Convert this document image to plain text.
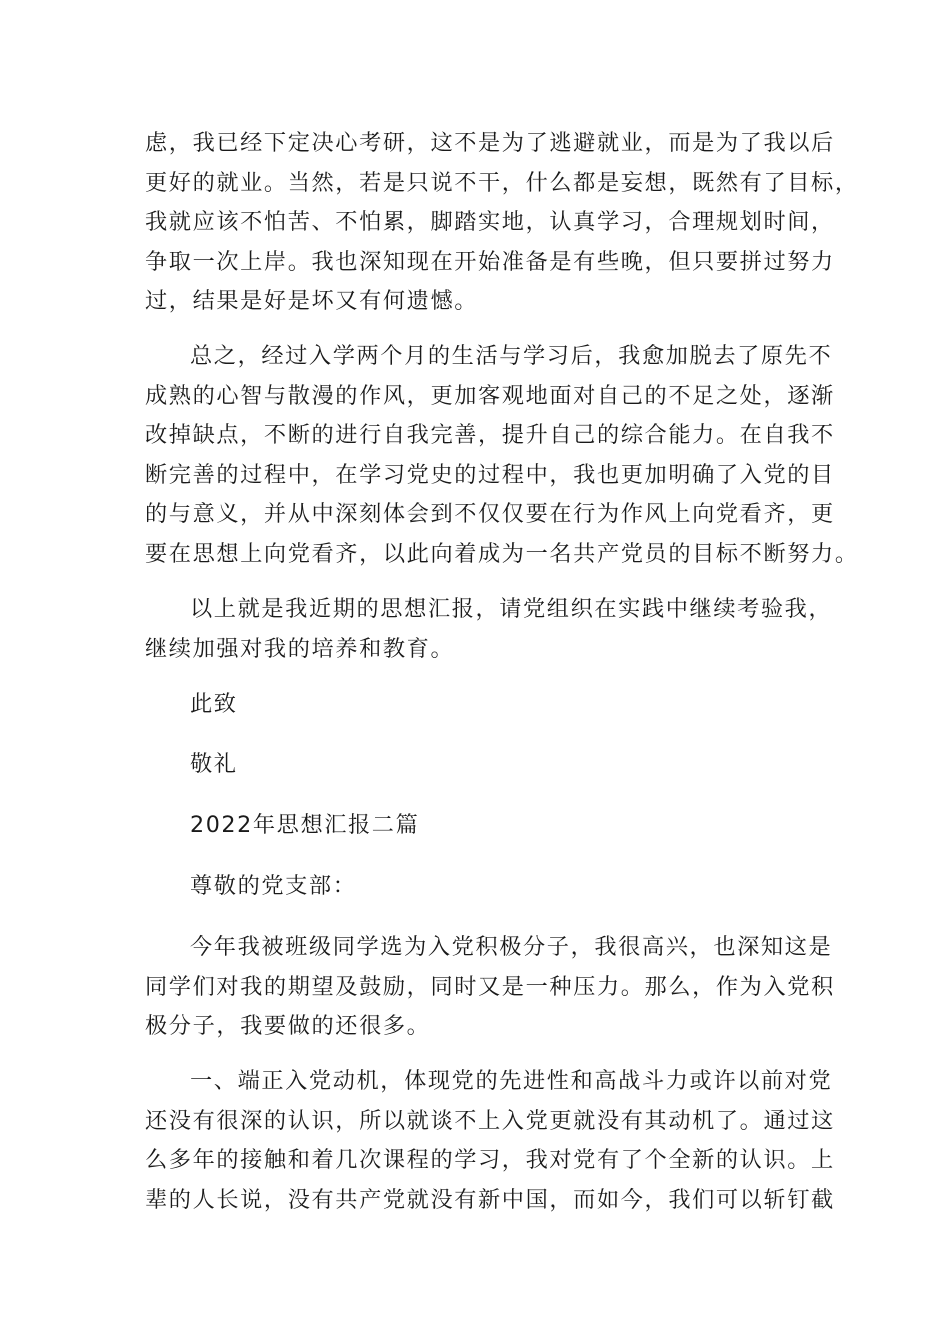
虑，我已经下定决心考研，这不是为了逃避就业，而是为了我以后
更好的就业。当然，若是只说不干，什么都是妄想，既然有了目标，
我就应该不怕苦、不怕累，脚踏实地，认真学习，合理规划时间，
争取一次上岸。我也深知现在开始准备是有些晚，但只要拼过努力
过，结果是好是坏又有何遗憾。
总之，经过入学两个月的生活与学习后，我愈加脱去了原先不
成熟的心智与散漫的作风，更加客观地面对自己的不足之处，逐渐
改掉缺点，不断的进行自我完善，提升自己的综合能力。在自我不
断完善的过程中，在学习党史的过程中，我也更加明确了入党的目
的与意义，并从中深刻体会到不仅仅要在行为作风上向党看齐，更
要在思想上向党看齐，以此向着成为一名共产党员的目标不断努力。
以上就是我近期的思想汇报，请党组织在实践中继续考验我，
继续加强对我的培养和教育。
此致
敬礼
2022年思想汇报二篇
尊敬的党支部：
今年我被班级同学选为入党积极分子，我很高兴，也深知这是
同学们对我的期望及鼓励，同时又是一种压力。那么，作为入党积
极分子，我要做的还很多。
一、端正入党动机，体现党的先进性和高战斗力或许以前对党
还没有很深的认识，所以就谈不上入党更就没有其动机了。通过这
么多年的接触和着几次课程的学习，我对党有了个全新的认识。上
辈的人长说，没有共产党就没有新中国，而如今，我们可以斩钉截
